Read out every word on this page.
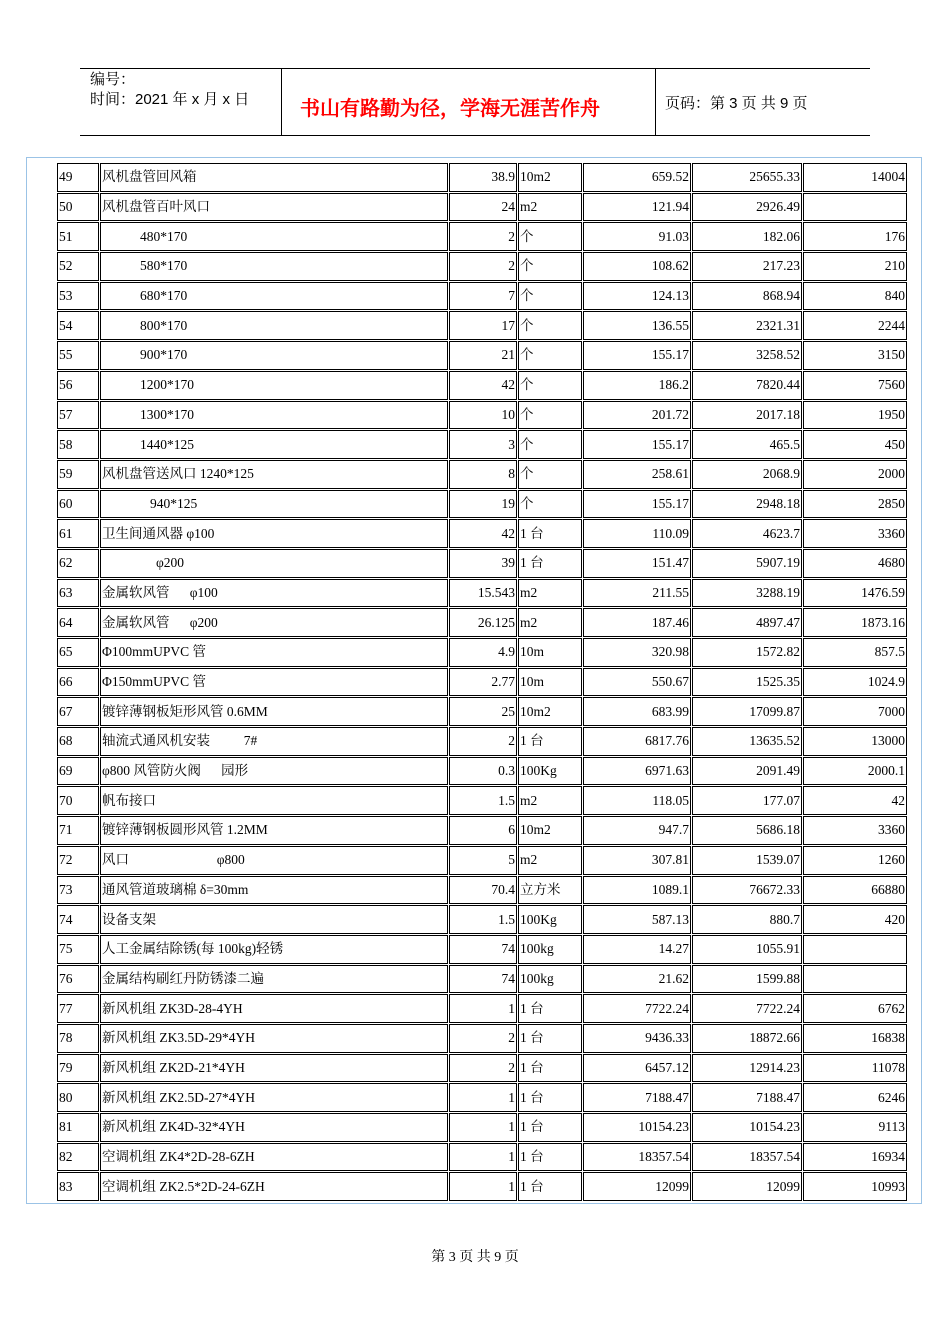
编号：
时间：2021 年 x 月 x 日	书山有路勤为径，学海无涯苦作舟	页码：第 3 页 共 9 页
49	风机盘管回风箱	38.9	10m2	659.52	25655.33	14004
50	风机盘管百叶风口	24	m2	121.94	2926.49	
51	480*170	2	个	91.03	182.06	176
52	580*170	2	个	108.62	217.23	210
53	680*170	7	个	124.13	868.94	840
54	800*170	17	个	136.55	2321.31	2244
55	900*170	21	个	155.17	3258.52	3150
56	1200*170	42	个	186.2	7820.44	7560
57	1300*170	10	个	201.72	2017.18	1950
58	1440*125	3	个	155.17	465.5	450
59	风机盘管送风口 1240*125	8	个	258.61	2068.9	2000
60	940*125	19	个	155.17	2948.18	2850
61	卫生间通风器 φ100	42	1 台	110.09	4623.7	3360
62	φ200	39	1 台	151.47	5907.19	4680
63	金属软风管      φ100	15.543	m2	211.55	3288.19	1476.59
64	金属软风管      φ200	26.125	m2	187.46	4897.47	1873.16
65	Φ100mmUPVC 管	4.9	10m	320.98	1572.82	857.5
66	Φ150mmUPVC 管	2.77	10m	550.67	1525.35	1024.9
67	镀锌薄钢板矩形风管 0.6MM	25	10m2	683.99	17099.87	7000
68	轴流式通风机安装          7#	2	1 台	6817.76	13635.52	13000
69	φ800 风管防火阀      园形	0.3	100Kg	6971.63	2091.49	2000.1
70	帆布接口	1.5	m2	118.05	177.07	42
71	镀锌薄钢板圆形风管 1.2MM	6	10m2	947.7	5686.18	3360
72	风口                          φ800	5	m2	307.81	1539.07	1260
73	通风管道玻璃棉 δ=30mm	70.4	立方米	1089.1	76672.33	66880
74	设备支架	1.5	100Kg	587.13	880.7	420
75	人工金属结除锈(每 100kg)轻锈	74	100kg	14.27	1055.91	
76	金属结构刷红丹防锈漆二遍	74	100kg	21.62	1599.88	
77	新风机组 ZK3D-28-4YH	1	1 台	7722.24	7722.24	6762
78	新风机组 ZK3.5D-29*4YH	2	1 台	9436.33	18872.66	16838
79	新风机组 ZK2D-21*4YH	2	1 台	6457.12	12914.23	11078
80	新风机组 ZK2.5D-27*4YH	1	1 台	7188.47	7188.47	6246
81	新风机组 ZK4D-32*4YH	1	1 台	10154.23	10154.23	9113
82	空调机组 ZK4*2D-28-6ZH	1	1 台	18357.54	18357.54	16934
83	空调机组 ZK2.5*2D-24-6ZH	1	1 台	12099	12099	10993
第 3 页 共 9 页
